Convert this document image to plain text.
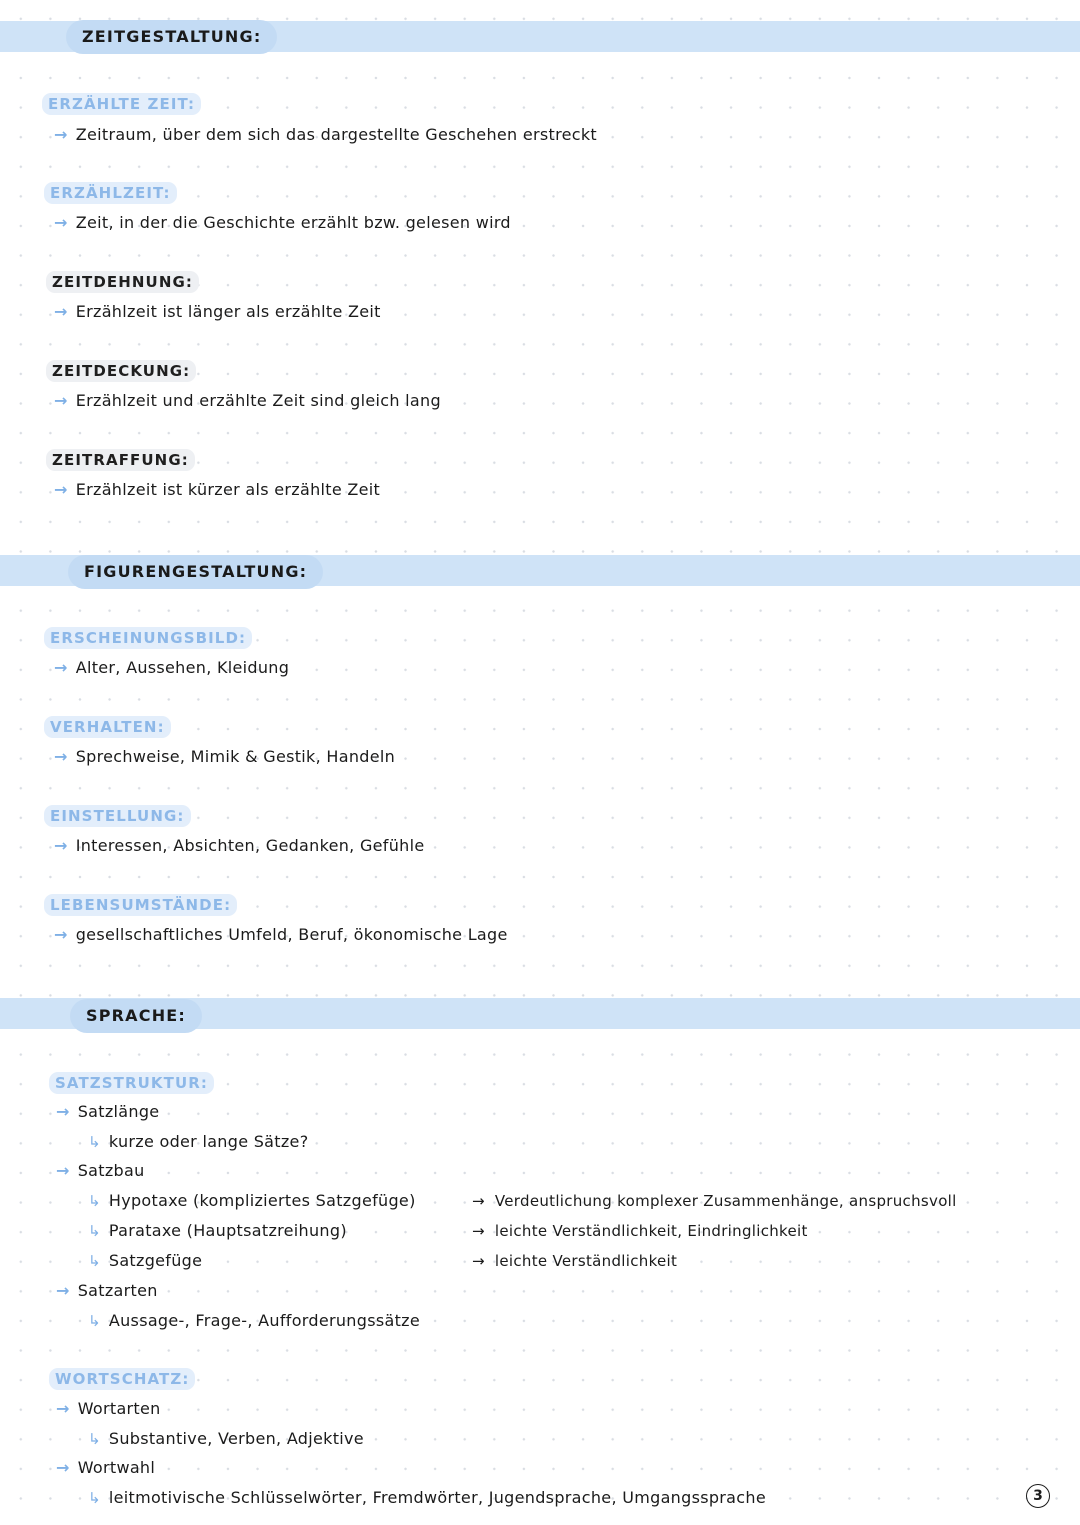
ZEITGESTALTUNG:
ERZÄHLTE ZEIT:
→ Zeitraum, über dem sich das dargestellte Geschehen erstreckt
ERZÄHLZEIT:
→ Zeit, in der die Geschichte erzählt bzw. gelesen wird
ZEITDEHNUNG:
→ Erzählzeit ist länger als erzählte Zeit
ZEITDECKUNG:
→ Erzählzeit und erzählte Zeit sind gleich lang
ZEITRAFFUNG:
→ Erzählzeit ist kürzer als erzählte Zeit
FIGURENGESTALTUNG:
ERSCHEINUNGSBILD:
→ Alter, Aussehen, Kleidung
VERHALTEN:
→ Sprechweise, Mimik & Gestik, Handeln
EINSTELLUNG:
→ Interessen, Absichten, Gedanken, Gefühle
LEBENSUMSTÄNDE:
→ gesellschaftliches Umfeld, Beruf, ökonomische Lage
SPRACHE:
SATZSTRUKTUR:
→ Satzlänge
↳ kurze oder lange Sätze?
→ Satzbau
↳ Hypotaxe (kompliziertes Satzgefüge)	→ Verdeutlichung komplexer Zusammenhänge, anspruchsvoll
↳ Parataxe (Hauptsatzreihung)	→ leichte Verständlichkeit, Eindringlichkeit
↳ Satzgefüge	→ leichte Verständlichkeit
→ Satzarten
↳ Aussage-, Frage-, Aufforderungssätze
WORTSCHATZ:
→ Wortarten
↳ Substantive, Verben, Adjektive
→ Wortwahl
↳ leitmotivische Schlüsselwörter, Fremdwörter, Jugendsprache, Umgangssprache	3
